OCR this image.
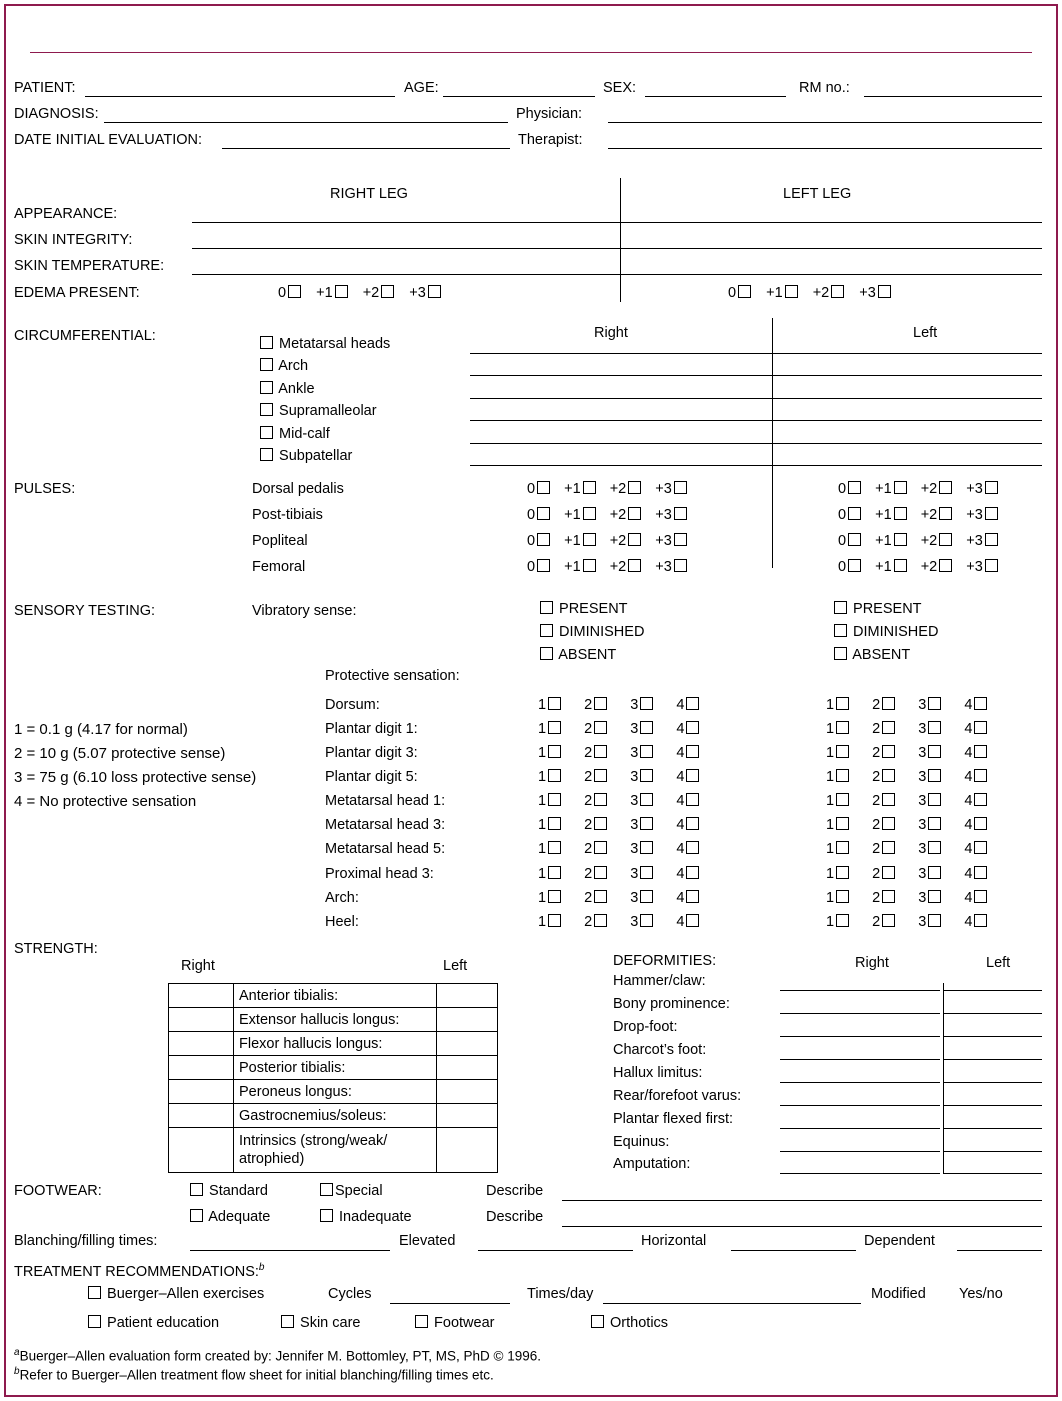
PATIENT:	AGE:	SEX:	RM no.:
DIAGNOSIS:	Physician:
DATE INITIAL EVALUATION:	Therapist:
RIGHT LEG	LEFT LEG
APPEARANCE:
SKIN INTEGRITY:
SKIN TEMPERATURE:
EDEMA PRESENT:	0 +1 +2 +3	0 +1 +2 +3
CIRCUMFERENTIAL:	Right	Left
Metatarsal heads
Arch
Ankle
Supramalleolar
Mid-calf
Subpatellar
PULSES:	Dorsal pedalis	0 +1 +2 +3	0 +1 +2 +3
Post-tibiais	0 +1 +2 +3	0 +1 +2 +3
Popliteal	0 +1 +2 +3	0 +1 +2 +3
Femoral	0 +1 +2 +3	0 +1 +2 +3
SENSORY TESTING:	Vibratory sense:	PRESENT
DIMINISHED
ABSENT
PRESENT
DIMINISHED
ABSENT
Protective sensation:
1 = 0.1 g (4.17 for normal)
2 = 10 g (5.07 protective sense)
3 = 75 g (6.10 loss protective sense)
4 = No protective sensation
Dorsum:	1	2	3	4	1	2	3	4
Plantar digit 1:	1	2	3	4	1	2	3	4
Plantar digit 3:	1	2	3	4	1	2	3	4
Plantar digit 5:	1	2	3	4	1	2	3	4
Metatarsal head 1:	1	2	3	4	1	2	3	4
Metatarsal head 3:	1	2	3	4	1	2	3	4
Metatarsal head 5:	1	2	3	4	1	2	3	4
Proximal head 3:	1	2	3	4	1	2	3	4
Arch:	1	2	3	4	1	2	3	4
Heel:	1	2	3	4	1	2	3	4
STRENGTH:
Right	Left
	Anterior tibialis:	
	Extensor hallucis longus:	
	Flexor hallucis longus:	
	Posterior tibialis:	
	Peroneus longus:	
	Gastrocnemius/soleus:	
	Intrinsics (strong/weak/ atrophied)	
DEFORMITIES:	Right	Left
Hammer/claw:
Bony prominence:
Drop-foot:
Charcot’s foot:
Hallux limitus:
Rear/forefoot varus:
Plantar flexed first:
Equinus:
Amputation:
FOOTWEAR:	Standard	Special	Describe
Adequate	Inadequate	Describe
Blanching/filling times:	Elevated	Horizontal	Dependent
TREATMENT RECOMMENDATIONS:$^b$
Buerger–Allen exercises	Cycles	Times/day	Modified Yes/no
Patient education	Skin care	Footwear	Orthotics
$^a$Buerger–Allen evaluation form created by: Jennifer M. Bottomley, PT, MS, PhD © 1996.
$^b$Refer to Buerger–Allen treatment flow sheet for initial blanching/filling times etc.
